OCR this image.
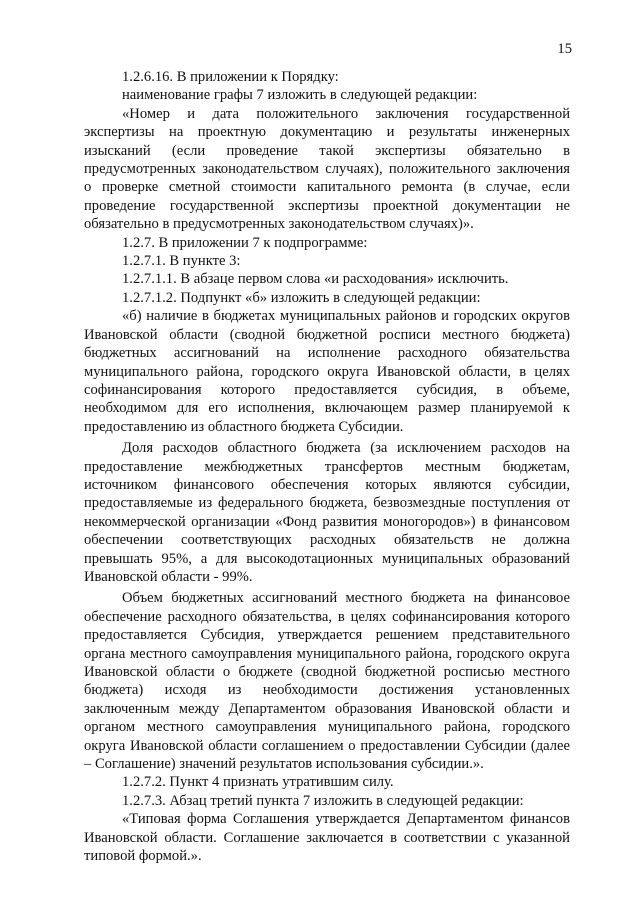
15

1.2.6.16. В приложении к Порядку:

наименование графы 7 изложить в следующей редакции:

«Номер и дата положительного заключения государственной экспертизы на проектную документацию и результаты инженерных изысканий (если проведение такой экспертизы обязательно в предусмотренных законодательством случаях), положительного заключения о проверке сметной стоимости капитального ремонта (в случае, если проведение государственной экспертизы проектной документации не обязательно в предусмотренных законодательством случаях)».

1.2.7. В приложении 7 к подпрограмме:

1.2.7.1. В пункте 3:

1.2.7.1.1. В абзаце первом слова «и расходования» исключить.

1.2.7.1.2. Подпункт «б» изложить в следующей редакции:

«б) наличие в бюджетах муниципальных районов и городских округов Ивановской области (сводной бюджетной росписи местного бюджета) бюджетных ассигнований на исполнение расходного обязательства муниципального района, городского округа Ивановской области, в целях софинансирования которого предоставляется субсидия, в объеме, необходимом для его исполнения, включающем размер планируемой к предоставлению из областного бюджета Субсидии.

Доля расходов областного бюджета (за исключением расходов на предоставление межбюджетных трансфертов местным бюджетам, источником финансового обеспечения которых являются субсидии, предоставляемые из федерального бюджета, безвозмездные поступления от некоммерческой организации «Фонд развития моногородов») в финансовом обеспечении соответствующих расходных обязательств не должна превышать 95%, а для высокодотационных муниципальных образований Ивановской области - 99%.

Объем бюджетных ассигнований местного бюджета на финансовое обеспечение расходного обязательства, в целях софинансирования которого предоставляется Субсидия, утверждается решением представительного органа местного самоуправления муниципального района, городского округа Ивановской области о бюджете (сводной бюджетной росписью местного бюджета) исходя из необходимости достижения установленных заключенным между Департаментом образования Ивановской области и органом местного самоуправления муниципального района, городского округа Ивановской области соглашением о предоставлении Субсидии (далее – Соглашение) значений результатов использования субсидии.».

1.2.7.2. Пункт 4 признать утратившим силу.

1.2.7.3. Абзац третий пункта 7 изложить в следующей редакции:

«Типовая форма Соглашения утверждается Департаментом финансов Ивановской области. Соглашение заключается в соответствии с указанной типовой формой.».
